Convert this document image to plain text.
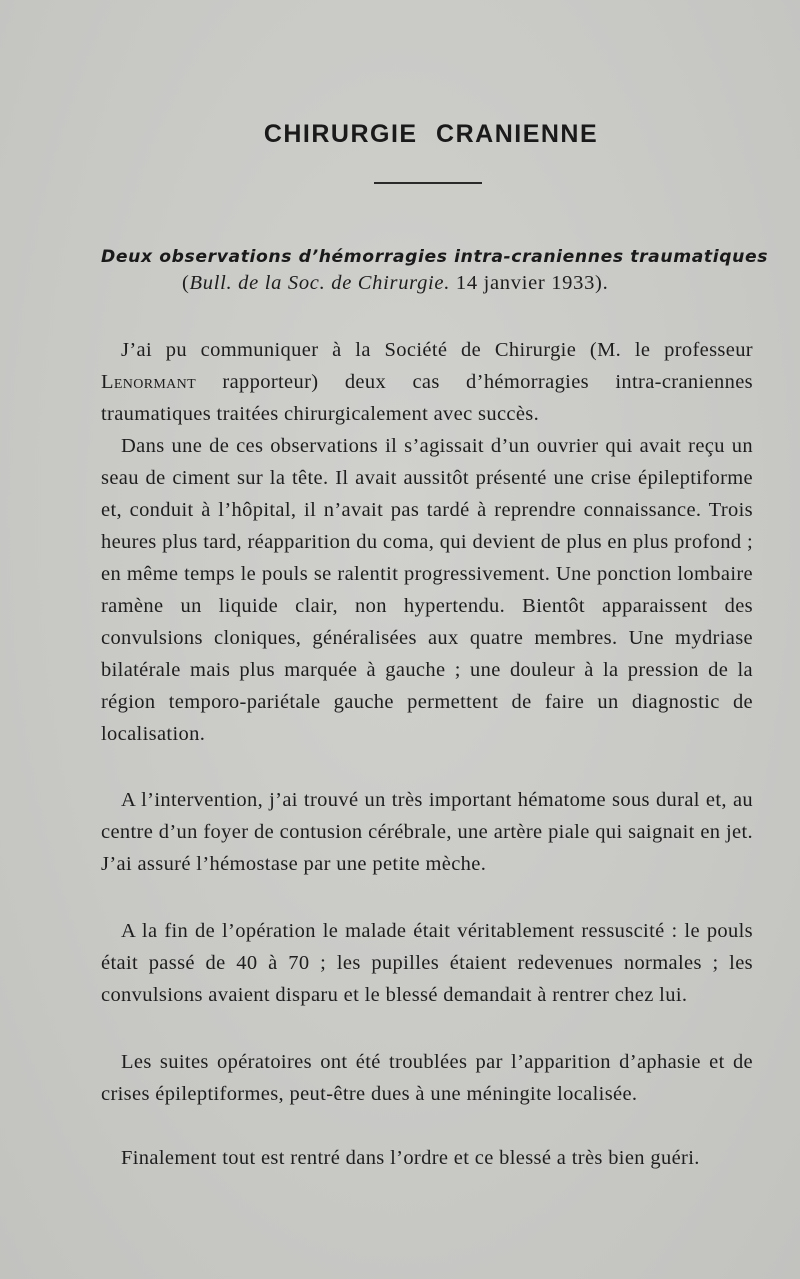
CHIRURGIE CRANIENNE
Deux observations d’hémorragies intra-craniennes traumatiques
(Bull. de la Soc. de Chirurgie. 14 janvier 1933).

J’ai pu communiquer à la Société de Chirurgie (M. le professeur Lenormant rapporteur) deux cas d’hémorragies intra-craniennes traumatiques traitées chirurgicalement avec succès.

Dans une de ces observations il s’agissait d’un ouvrier qui avait reçu un seau de ciment sur la tête. Il avait aussitôt présenté une crise épileptiforme et, conduit à l’hôpital, il n’avait pas tardé à reprendre connaissance. Trois heures plus tard, réapparition du coma, qui devient de plus en plus profond ; en même temps le pouls se ralentit progressivement. Une ponction lombaire ramène un liquide clair, non hypertendu. Bientôt apparaissent des convulsions cloniques, généralisées aux quatre membres. Une mydriase bilatérale mais plus marquée à gauche ; une douleur à la pression de la région temporo-pariétale gauche permettent de faire un diagnostic de localisation.

A l’intervention, j’ai trouvé un très important hématome sous dural et, au centre d’un foyer de contusion cérébrale, une artère piale qui saignait en jet. J’ai assuré l’hémostase par une petite mèche.

A la fin de l’opération le malade était véritablement ressuscité : le pouls était passé de 40 à 70 ; les pupilles étaient redevenues normales ; les convulsions avaient disparu et le blessé demandait à rentrer chez lui.

Les suites opératoires ont été troublées par l’apparition d’aphasie et de crises épileptiformes, peut-être dues à une méningite localisée.

Finalement tout est rentré dans l’ordre et ce blessé a très bien guéri.
